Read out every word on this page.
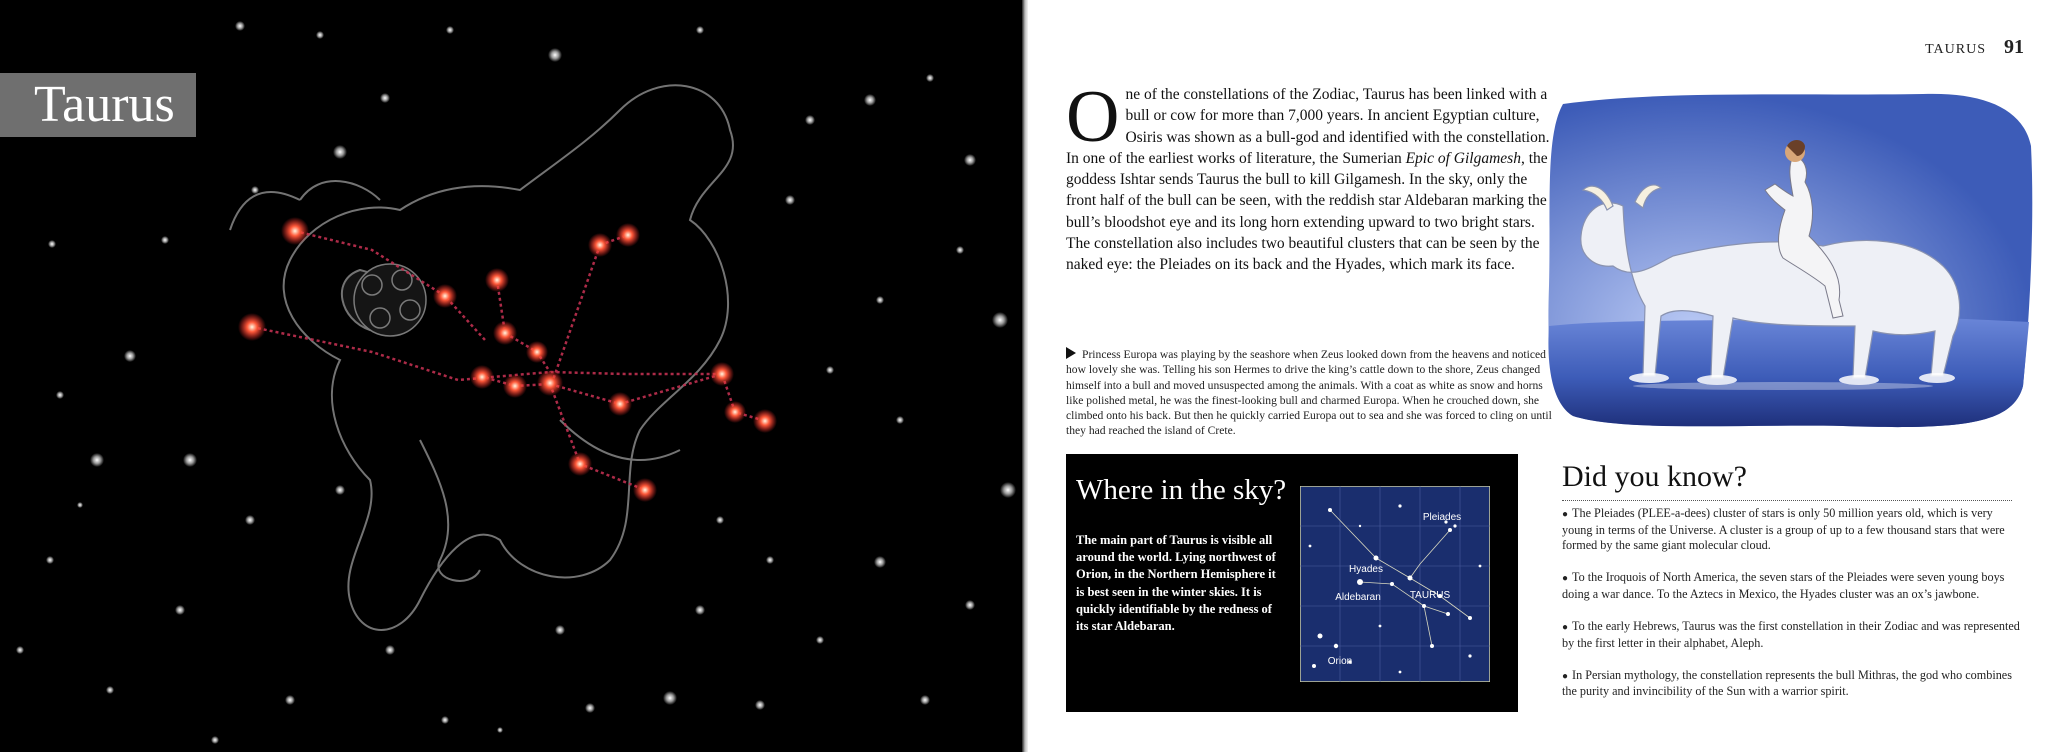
Taurus
TAURUS 91
O ne of the constellations of the Zodiac, Taurus has been linked with a bull or cow for more than 7,000 years. In ancient Egyptian culture, Osiris was shown as a bull-god and identified with the constellation. In one of the earliest works of literature, the Sumerian Epic of Gilgamesh, the goddess Ishtar sends Taurus the bull to kill Gilgamesh. In the sky, only the front half of the bull can be seen, with the reddish star Aldebaran marking the bull’s bloodshot eye and its long horn extending upward to two bright stars. The constellation also includes two beautiful clusters that can be seen by the naked eye: the Pleiades on its back and the Hyades, which mark its face.
Princess Europa was playing by the seashore when Zeus looked down from the heavens and noticed how lovely she was. Telling his son Hermes to drive the king’s cattle down to the shore, Zeus changed himself into a bull and moved unsuspected among the animals. With a coat as white as snow and horns like polished metal, he was the finest-looking bull and charmed Europa. When he crouched down, she climbed onto his back. But then he quickly carried Europa out to sea and she was forced to cling on until they had reached the island of Crete.
Where in the sky?
The main part of Taurus is visible all around the world. Lying northwest of Orion, in the Northern Hemisphere it is best seen in the winter skies. It is quickly identifiable by the redness of its star Aldebaran.
Pleiades
Hyades
TAURUS
Aldebaran
Orion
Did you know?
● The Pleiades (PLEE-a-dees) cluster of stars is only 50 million years old, which is very young in terms of the Universe. A cluster is a group of up to a few thousand stars that were formed by the same giant molecular cloud.
● To the Iroquois of North America, the seven stars of the Pleiades were seven young boys doing a war dance. To the Aztecs in Mexico, the Hyades cluster was an ox’s jawbone.
● To the early Hebrews, Taurus was the first constellation in their Zodiac and was represented by the first letter in their alphabet, Aleph.
● In Persian mythology, the constellation represents the bull Mithras, the god who combines the purity and invincibility of the Sun with a warrior spirit.
